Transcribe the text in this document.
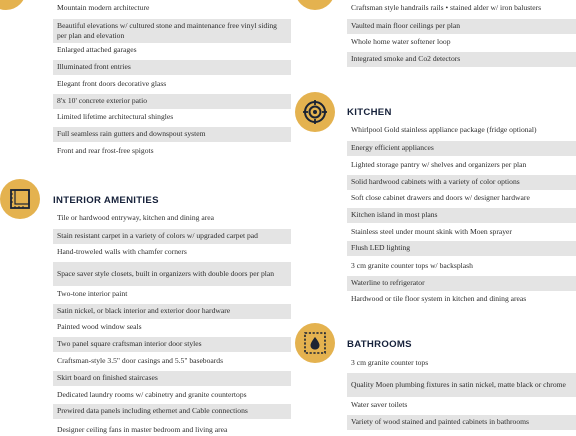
Mountain modern architecture
Beautiful elevations w/ cultured stone and maintenance free vinyl siding per plan and elevation
Enlarged attached garages
Illuminated front entries
Elegant front doors decorative glass
8'x 10' concrete exterior patio
Limited lifetime architectural shingles
Full seamless rain gutters and downspout system
Front and rear frost-free spigots
INTERIOR AMENITIES
Tile or hardwood entryway, kitchen and dining area
Stain resistant carpet in a variety of colors w/ upgraded carpet pad
Hand-troweled walls with chamfer corners
Space saver style closets, built in organizers with double doors per plan
Two-tone interior paint
Satin nickel, or black interior and exterior door hardware
Painted wood window seals
Two panel square craftsman interior door styles
Craftsman-style 3.5" door casings and 5.5" baseboards
Skirt board on finished staircases
Dedicated laundry rooms w/ cabinetry and granite countertops
Prewired data panels including ethernet and Cable connections
Designer ceiling fans in master bedroom and living area
Craftsman style handrails rails • stained alder w/ iron balusters
Vaulted main floor ceilings per plan
Whole home water softener loop
Integrated smoke and Co2 detectors
KITCHEN
Whirlpool Gold stainless appliance package (fridge optional)
Energy efficient appliances
Lighted storage pantry w/ shelves and organizers per plan
Solid hardwood cabinets with a variety of color options
Soft close cabinet drawers and doors w/ designer hardware
Kitchen island in most plans
Stainless steel under mount skink with Moen sprayer
Flush LED lighting
3 cm granite counter tops w/ backsplash
Waterline to refrigerator
Hardwood or tile floor system in kitchen and dining areas
BATHROOMS
3 cm granite counter tops
Quality Moen plumbing fixtures in satin nickel, matte black or chrome
Water saver toilets
Variety of wood stained and painted cabinets in bathrooms
